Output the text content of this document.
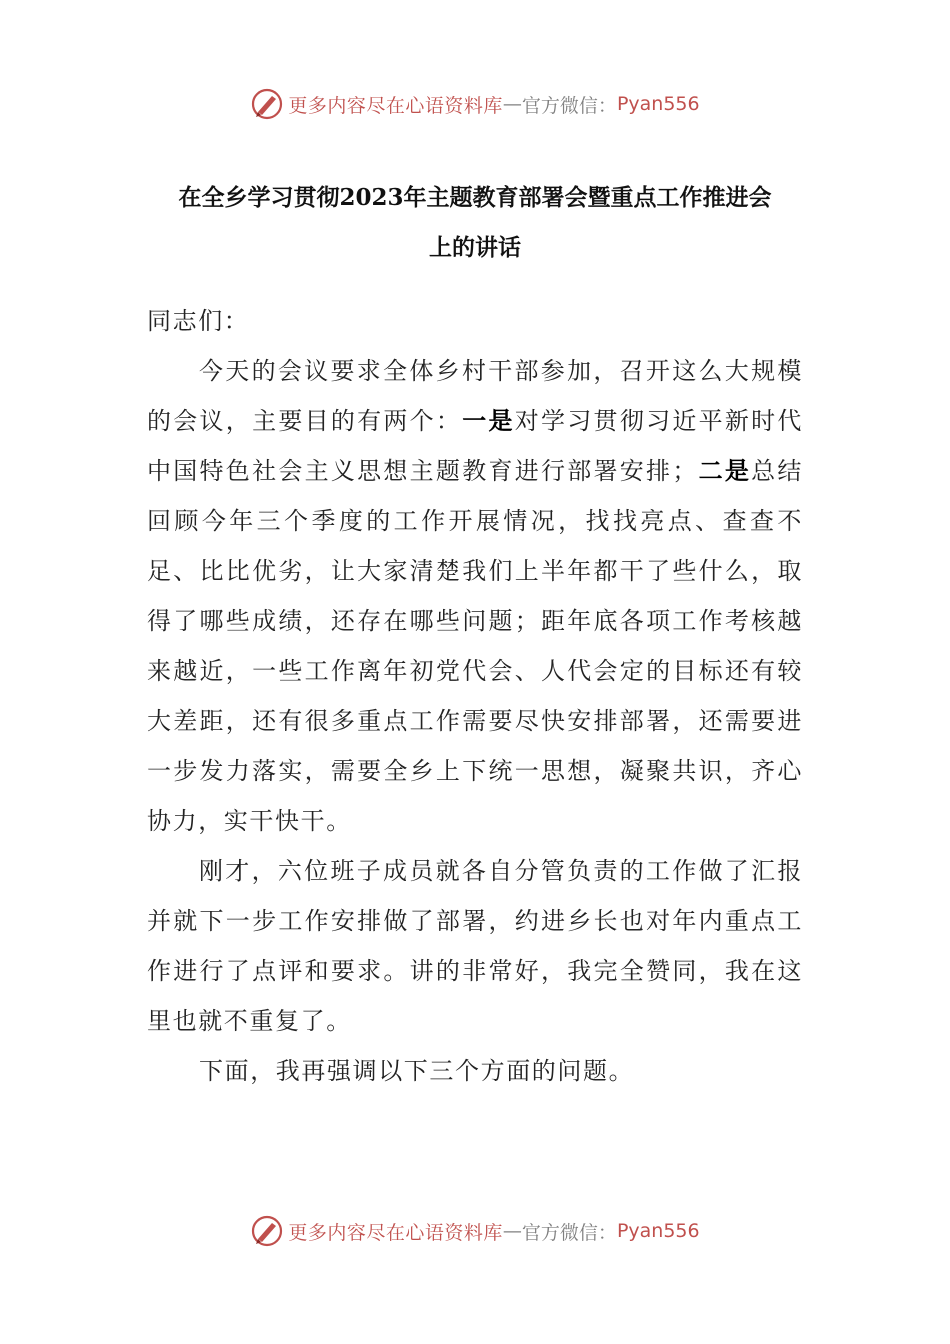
更多内容尽在心语资料库 — 官方微信： Pyan556
在全乡学习贯彻2023年主题教育部署会暨重点工作推进会
上的讲话

同志们：

今天的会议要求全体乡村干部参加，召开这么大规模的会议，主要目的有两个：一是对学习贯彻习近平新时代中国特色社会主义思想主题教育进行部署安排；二是总结回顾今年三个季度的工作开展情况，找找亮点、查查不足、比比优劣，让大家清楚我们上半年都干了些什么，取得了哪些成绩，还存在哪些问题；距年底各项工作考核越来越近，一些工作离年初党代会、人代会定的目标还有较大差距，还有很多重点工作需要尽快安排部署，还需要进一步发力落实，需要全乡上下统一思想，凝聚共识，齐心协力，实干快干。

刚才，六位班子成员就各自分管负责的工作做了汇报并就下一步工作安排做了部署，约进乡长也对年内重点工作进行了点评和要求。讲的非常好，我完全赞同，我在这里也就不重复了。

下面，我再强调以下三个方面的问题。

更多内容尽在心语资料库 — 官方微信： Pyan556
